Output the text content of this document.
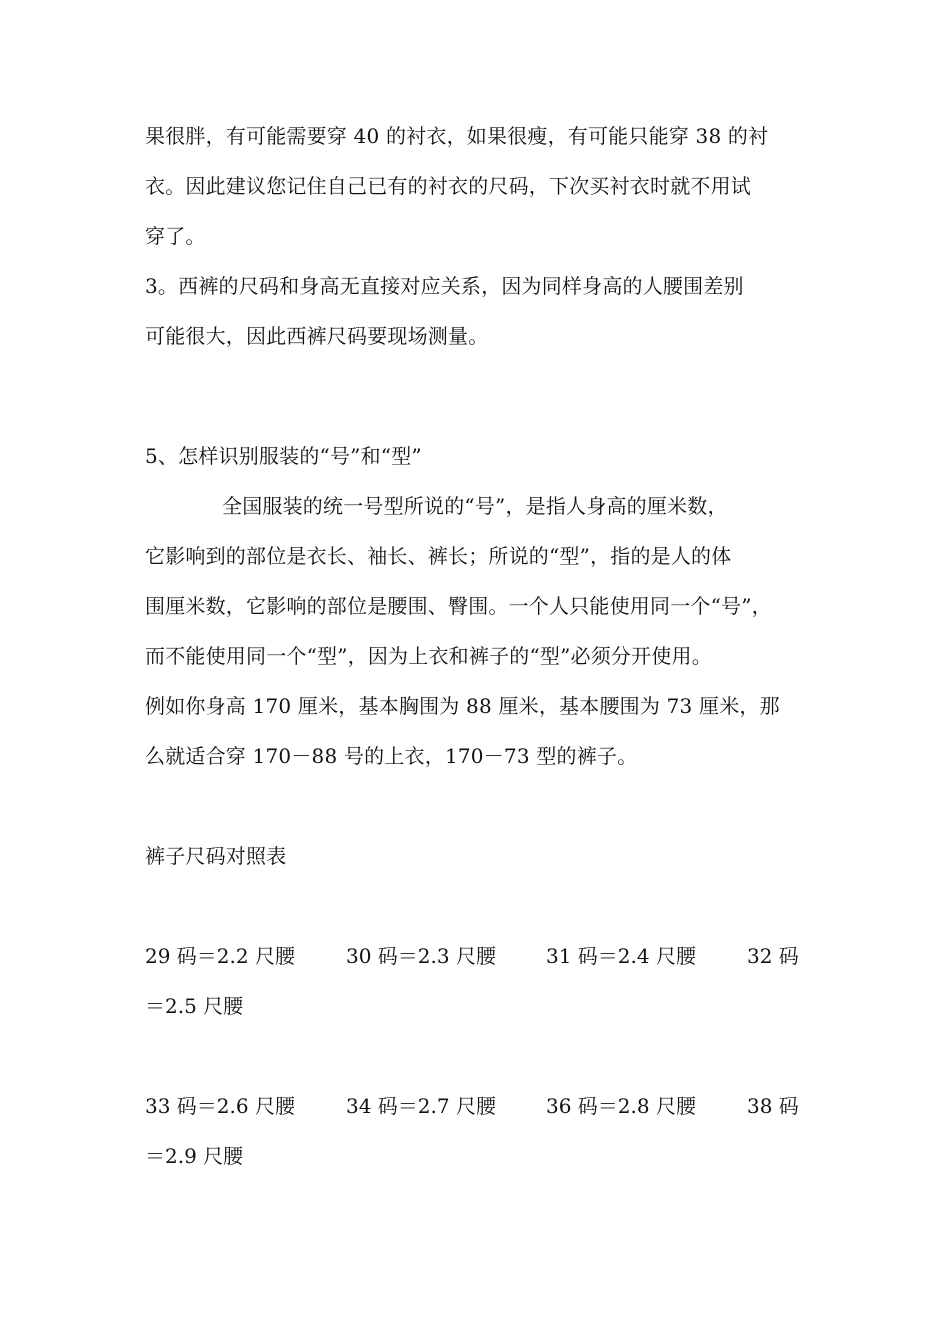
果很胖，有可能需要穿 40 的衬衣，如果很瘦，有可能只能穿 38 的衬
衣。因此建议您记住自己已有的衬衣的尺码，下次买衬衣时就不用试
穿了。
3。西裤的尺码和身高无直接对应关系，因为同样身高的人腰围差别
可能很大，因此西裤尺码要现场测量。
5、怎样识别服装的“号”和“型”
全国服装的统一号型所说的“号”，是指人身高的厘米数，
它影响到的部位是衣长、袖长、裤长；所说的“型”，指的是人的体
围厘米数，它影响的部位是腰围、臀围。一个人只能使用同一个“号”，
而不能使用同一个“型”，因为上衣和裤子的“型”必须分开使用。
例如你身高 170 厘米，基本胸围为 88 厘米，基本腰围为 73 厘米，那
么就适合穿 170－88 号的上衣，170－73 型的裤子。
裤子尺码对照表
29 码＝2.2 尺腰	30 码＝2.3 尺腰	31 码＝2.4 尺腰	32 码
＝2.5 尺腰
33 码＝2.6 尺腰	34 码＝2.7 尺腰	36 码＝2.8 尺腰	38 码
＝2.9 尺腰
